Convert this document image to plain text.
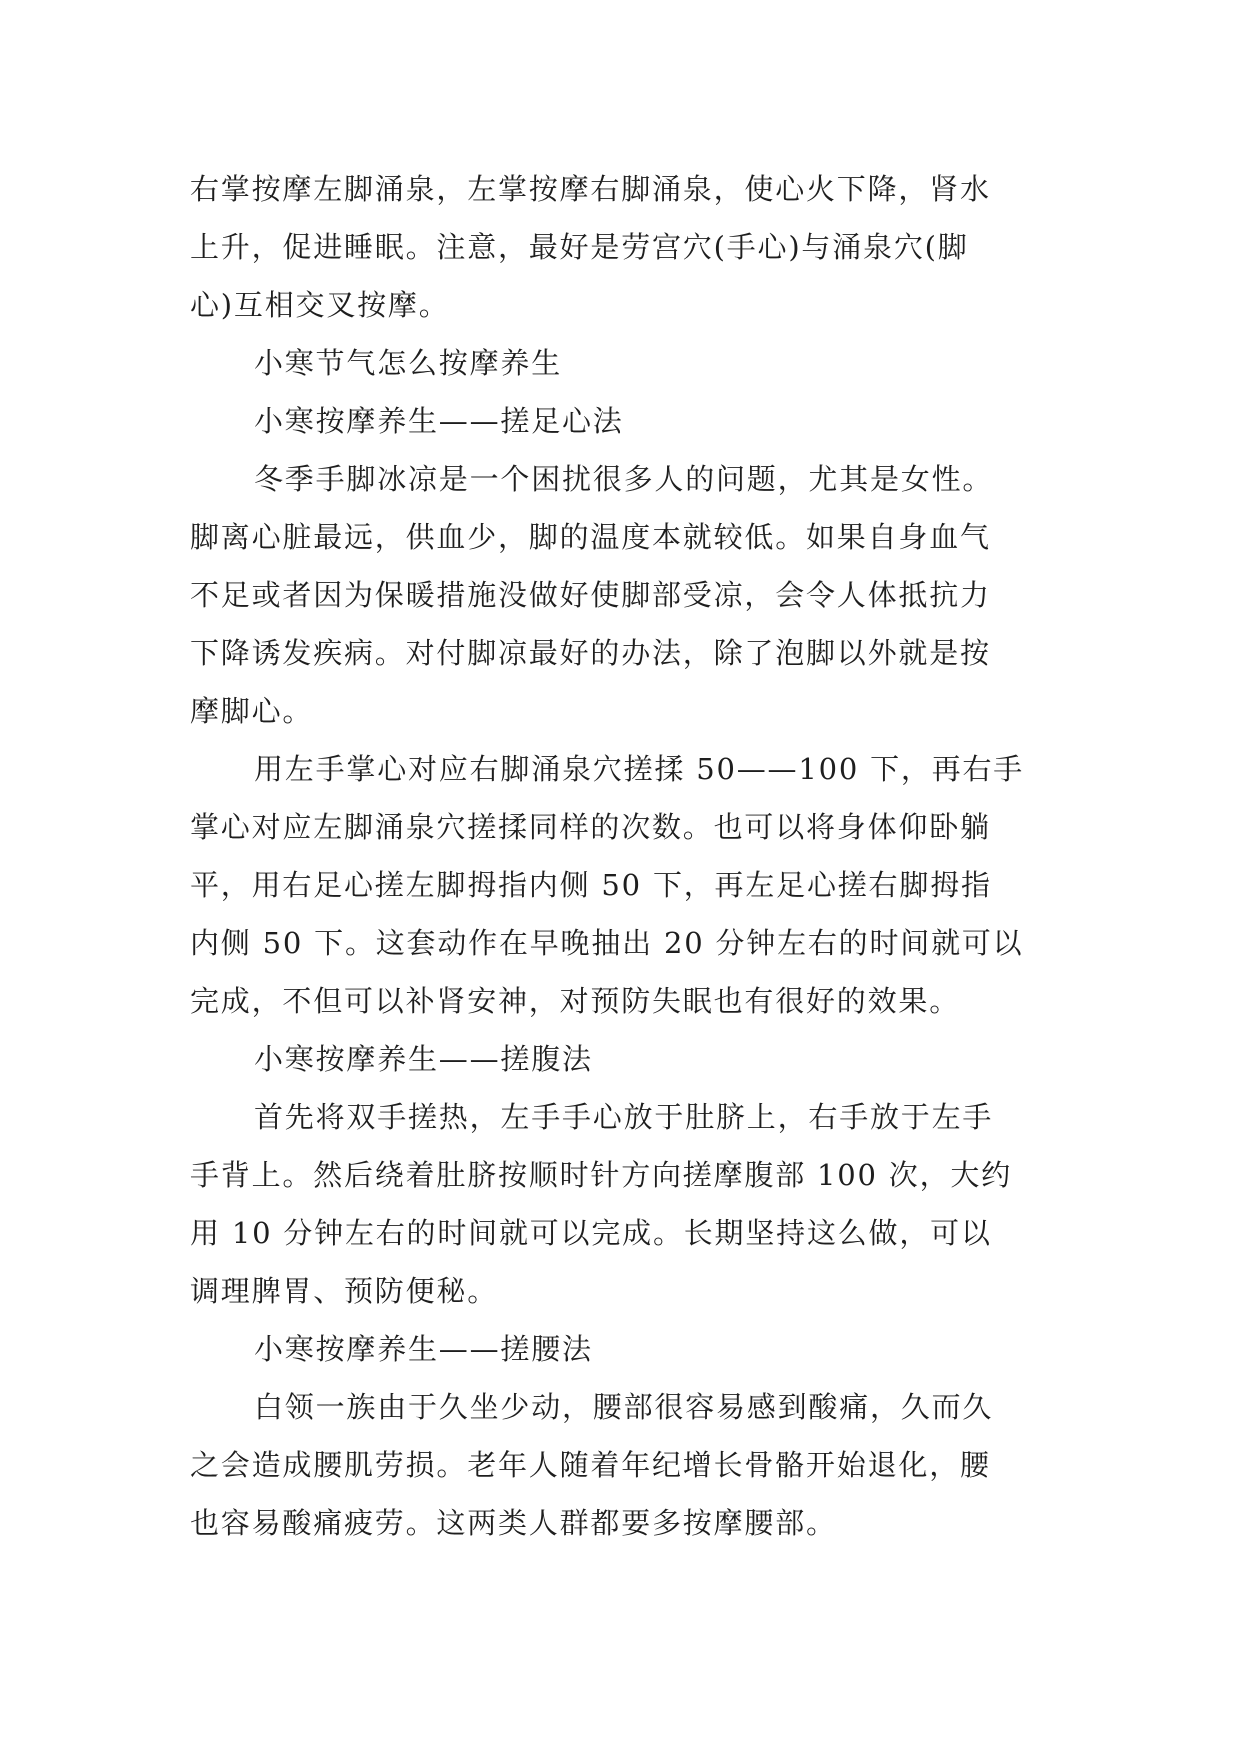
右掌按摩左脚涌泉，左掌按摩右脚涌泉，使心火下降，肾水
上升，促进睡眠。注意，最好是劳宫穴(手心)与涌泉穴(脚
心)互相交叉按摩。
小寒节气怎么按摩养生
小寒按摩养生——搓足心法
冬季手脚冰凉是一个困扰很多人的问题，尤其是女性。
脚离心脏最远，供血少，脚的温度本就较低。如果自身血气
不足或者因为保暖措施没做好使脚部受凉，会令人体抵抗力
下降诱发疾病。对付脚凉最好的办法，除了泡脚以外就是按
摩脚心。
用左手掌心对应右脚涌泉穴搓揉 50——100 下，再右手
掌心对应左脚涌泉穴搓揉同样的次数。也可以将身体仰卧躺
平，用右足心搓左脚拇指内侧 50 下，再左足心搓右脚拇指
内侧 50 下。这套动作在早晚抽出 20 分钟左右的时间就可以
完成，不但可以补肾安神，对预防失眠也有很好的效果。
小寒按摩养生——搓腹法
首先将双手搓热，左手手心放于肚脐上，右手放于左手
手背上。然后绕着肚脐按顺时针方向搓摩腹部 100 次，大约
用 10 分钟左右的时间就可以完成。长期坚持这么做，可以
调理脾胃、预防便秘。
小寒按摩养生——搓腰法
白领一族由于久坐少动，腰部很容易感到酸痛，久而久
之会造成腰肌劳损。老年人随着年纪增长骨骼开始退化，腰
也容易酸痛疲劳。这两类人群都要多按摩腰部。
